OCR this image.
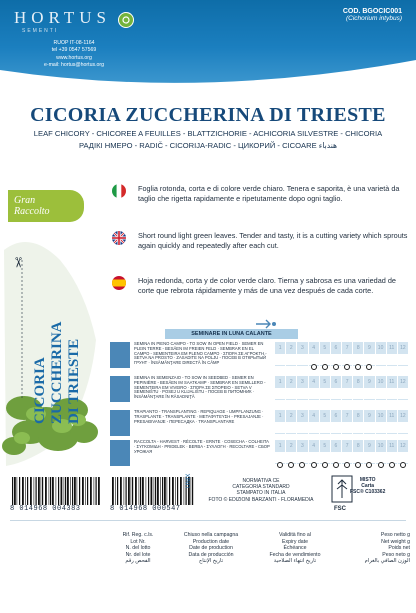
HORTUS
SEMENTI
RUOP IT-08-1164
tel +39 0547 57569
www.hortus.org
e-mail: hortus@hortus.org
COD. BGOCIC001
(Cichorium intybus)
CICORIA ZUCCHERINA DI TRIESTE
LEAF CHICORY - CHICOREE A FEUILLES - BLATTZICHORIE - ACHICORIA SILVESTRE - CHICORIA
РАДІКІ ΗΜΕΡΟ - RADIČ - CICORIJA-RADIC - ЦИКОРИЙ - CICOARE هندباء
✂
Gran
Raccolto
CICORIA ZUCCHERINA DI TRIESTE
Foglia rotonda, corta e di colore verde chiaro. Tenera e saporita, è una varietà da taglio che rigetta rapidamente e ripetutamente dopo ogni taglio.
Short round light green leaves. Tender and tasty, it is a cutting variety which sprouts again quickly and repeatedly after each cut.
Hoja redonda, corta y de color verde claro. Tierna y sabrosa es una variedad de corte que rebrota rápidamente y más de una vez después de cada corte.
SEMINARE IN LUNA CALANTE
SEMINA IN PIENO CAMPO - TO SOW IN OPEN FIELD · SEMER EN PLEIN TERRE - BESÄEN IM FREIEN FELD · SEMBRAR EN EL CAMPO - SEMENTEIRA EM PLENO CAMPO · ΣΠΟΡΑ ΣΕ ΑΓΡΟΚΤΗ - SETVA NA PROSTO · ZASADITE NA POLJU - ПОСЕВ В ОТКРЫТЫЙ ГРУНТ · ÎNSĂMÂNŢARE DIRECTĂ ÎN CÂMP
1	2	3	4	5	6	7	8	9	10	11	12
SEMINA IN SEMENZAIO - TO SOW IN SEEDBED · SEMER EN PEPINIÈRE - BESÄEN IM SAATKAMP · SEMBRAR EN SEMILLERO - SEMENTEIRA EM VIVEIRO · ΣΠΟΡΑ ΣΕ ΣΠΟΡΕΙΟ - SETVA V SEMENIŠTU · POSEJ U KLIJALIŠTU - ПОСЕВ В ПИТОМНИК · ÎNSĂMÂNŢARE ÎN RĂSADNIŢĂ
1	2	3	4	5	6	7	8	9	10	11	12
TRAPIANTO - TRANSPLANTING · REPIQUAGE - UMPFLANZUNG · TRASPLANTE - TRANSPLANTE · ΜΕΤΑΦΥΤΕΥΣΗ - PRESAJANJE · PRESAĐIVANJE - ПЕРЕСАДКА · TRANSPLANTARE
1	2	3	4	5	6	7	8	9	10	11	12
RACCOLTA - HARVEST · RÉCOLTE - ERNTE · COSECHA - COLHEITA · ΣΥΓΚΟΜΙΔΗ - PRIDELEK · BERBA - ΣΥΛΛΟΓΗ · RECOLTARE - СБОР УРОЖАЯ
1	2	3	4	5	6	7	8	9	10	11	12
8 014968 004383	8 014968 000547
UNIX	NORMATIVA CE
CATEGORIA STANDARD
STAMPATO IN ITALIA
FOTO © EDIZIONI BARZANTI - FLORAMEDIA
FSC
MISTO
Carta
FSC® C103362
Rif. Reg. c.ls.
Lot Nr.
N. del lotto
Nr. del lote
الفحص رقم
Chiuso nella campagna
Production date
Date de production
Data de producción
تاريخ الإنتاج
Validità fino al
Expiry date
Échéance
Fecha de vendimiento
تاريخ انتهاء الصلاحية
Peso netto g
Net weight g
Poids net
Peso neto g
الوزن الصافي بالغرام
